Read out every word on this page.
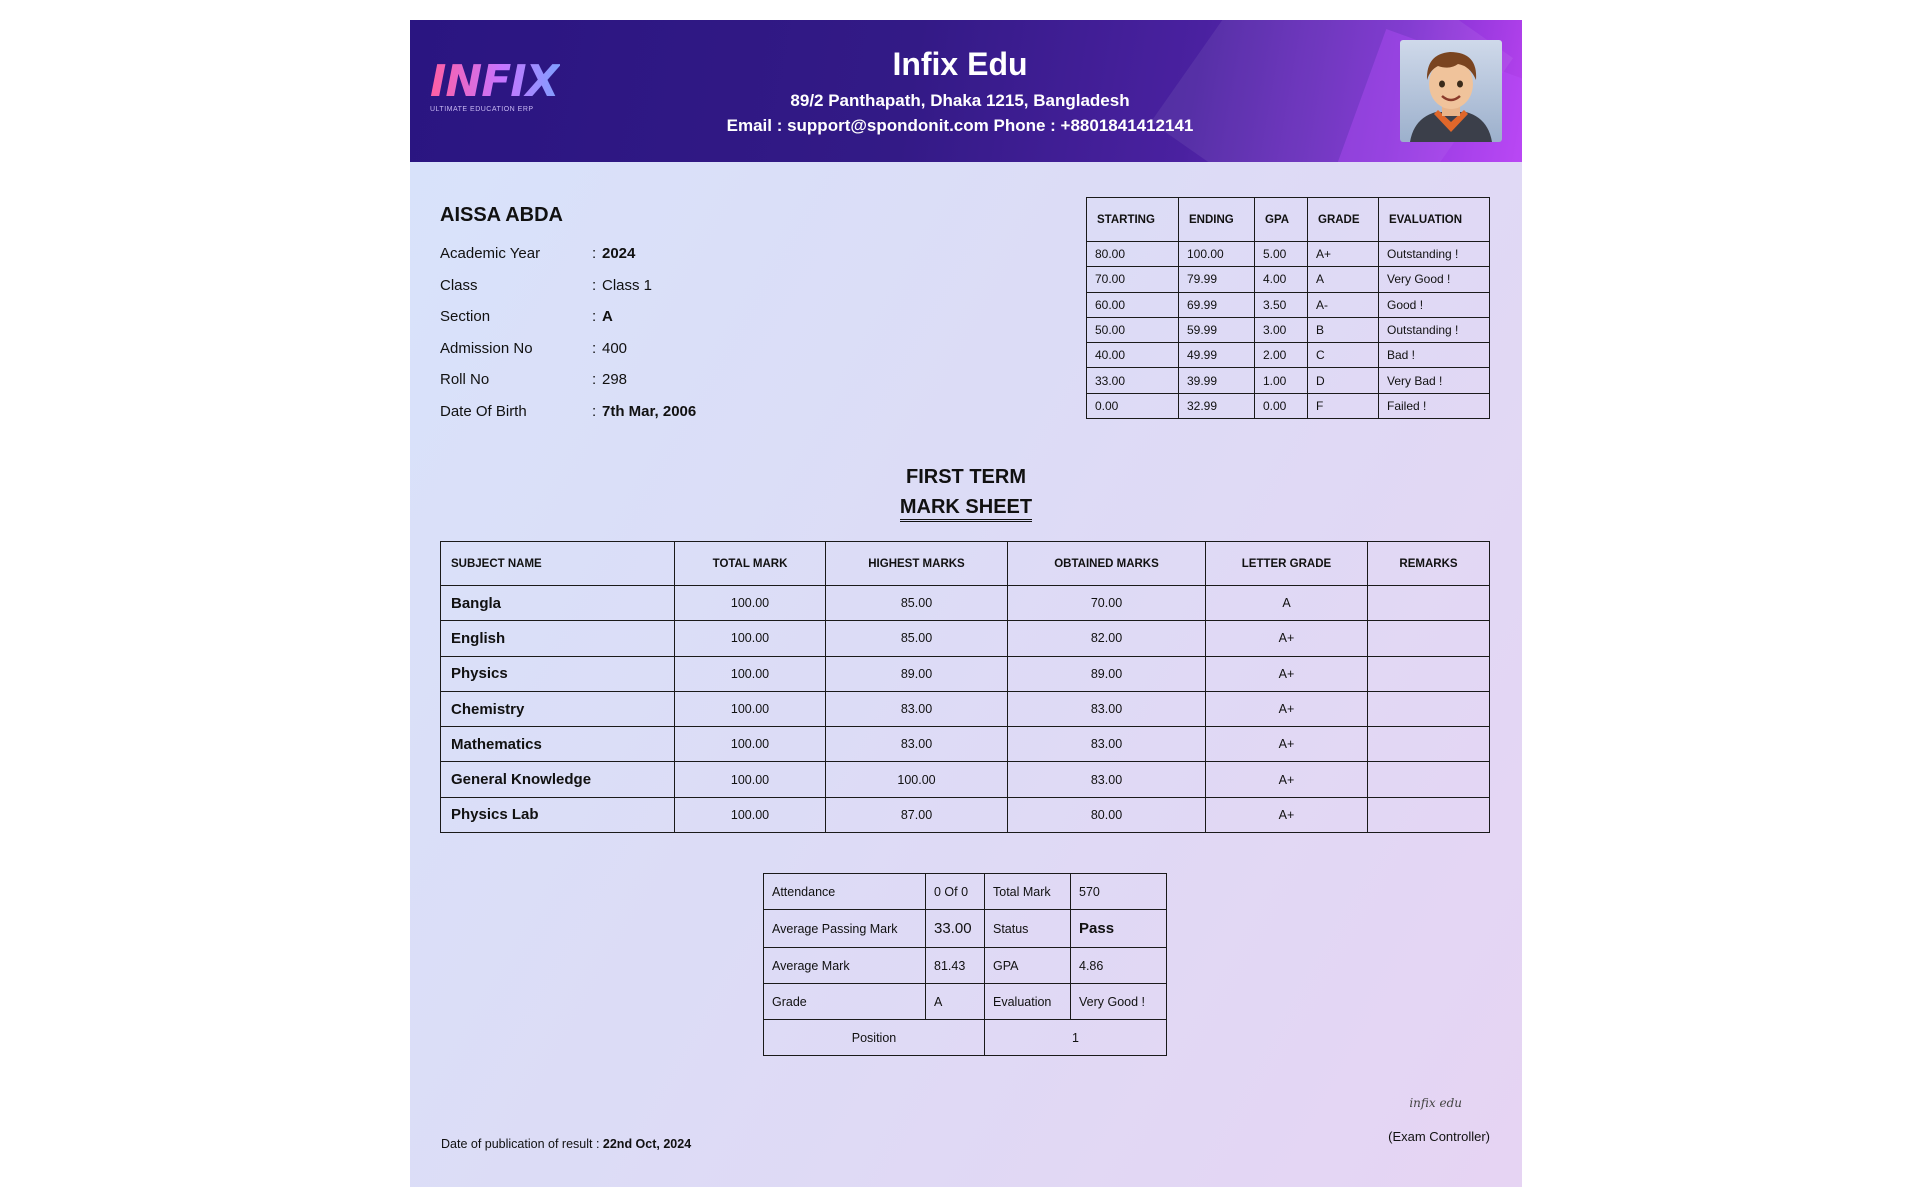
INFIX
ULTIMATE EDUCATION ERP
Infix Edu
89/2 Panthapath, Dhaka 1215, Bangladesh
Email : support@spondonit.com Phone : +8801841412141
AISSA ABDA
Academic Year	: 2024
Class	: Class 1
Section	: A
Admission No	: 400
Roll No	: 298
Date Of Birth	: 7th Mar, 2006
STARTING	ENDING	GPA	GRADE	EVALUATION
80.00	100.00	5.00	A+	Outstanding !
70.00	79.99	4.00	A	Very Good !
60.00	69.99	3.50	A-	Good !
50.00	59.99	3.00	B	Outstanding !
40.00	49.99	2.00	C	Bad !
33.00	39.99	1.00	D	Very Bad !
0.00	32.99	0.00	F	Failed !
FIRST TERM
MARK SHEET
SUBJECT NAME	TOTAL MARK	HIGHEST MARKS	OBTAINED MARKS	LETTER GRADE	REMARKS
Bangla	100.00	85.00	70.00	A	
English	100.00	85.00	82.00	A+	
Physics	100.00	89.00	89.00	A+	
Chemistry	100.00	83.00	83.00	A+	
Mathematics	100.00	83.00	83.00	A+	
General Knowledge	100.00	100.00	83.00	A+	
Physics Lab	100.00	87.00	80.00	A+	
Attendance	0 Of 0	Total Mark	570
Average Passing Mark	33.00	Status	Pass
Average Mark	81.43	GPA	4.86
Grade	A	Evaluation	Very Good !
Position		1	
infix edu
(Exam Controller)
Date of publication of result : 22nd Oct, 2024
